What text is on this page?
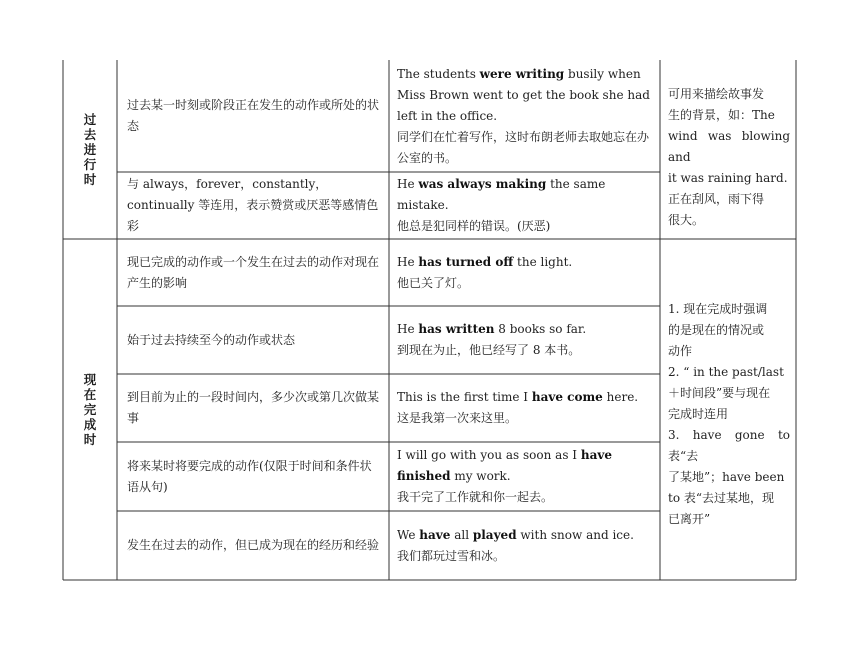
过
去
进
行
时
过去某一时刻或阶段正在发生的动作或所处的状态
The students were writing busily when Miss Brown went to get the book she had left in the office.
同学们在忙着写作，这时布朗老师去取她忘在办公室的书。
与 always，forever，constantly，continually 等连用，表示赞赏或厌恶等感情色彩
He was always making the same mistake.
他总是犯同样的错误。(厌恶)
可用来描绘故事发
生的背景，如：The
wind was blowing and
it was raining hard.
正在刮风，雨下得
很大。
现
在
完
成
时
现已完成的动作或一个发生在过去的动作对现在产生的影响
He has turned off the light.
他已关了灯。
始于过去持续至今的动作或状态
He has written 8 books so far.
到现在为止，他已经写了 8 本书。
到目前为止的一段时间内，多少次或第几次做某事
This is the first time I have come here.
这是我第一次来这里。
将来某时将要完成的动作(仅限于时间和条件状语从句)
I will go with you as soon as I have finished my work.
我干完了工作就和你一起去。
发生在过去的动作，但已成为现在的经历和经验
We have all played with snow and ice.
我们都玩过雪和冰。
1. 现在完成时强调
的是现在的情况或
动作
2. “ in the past/last
＋时间段”要与现在
完成时连用
3. have gone to 表“去
了某地”；have been
to 表“去过某地，现
已离开”
